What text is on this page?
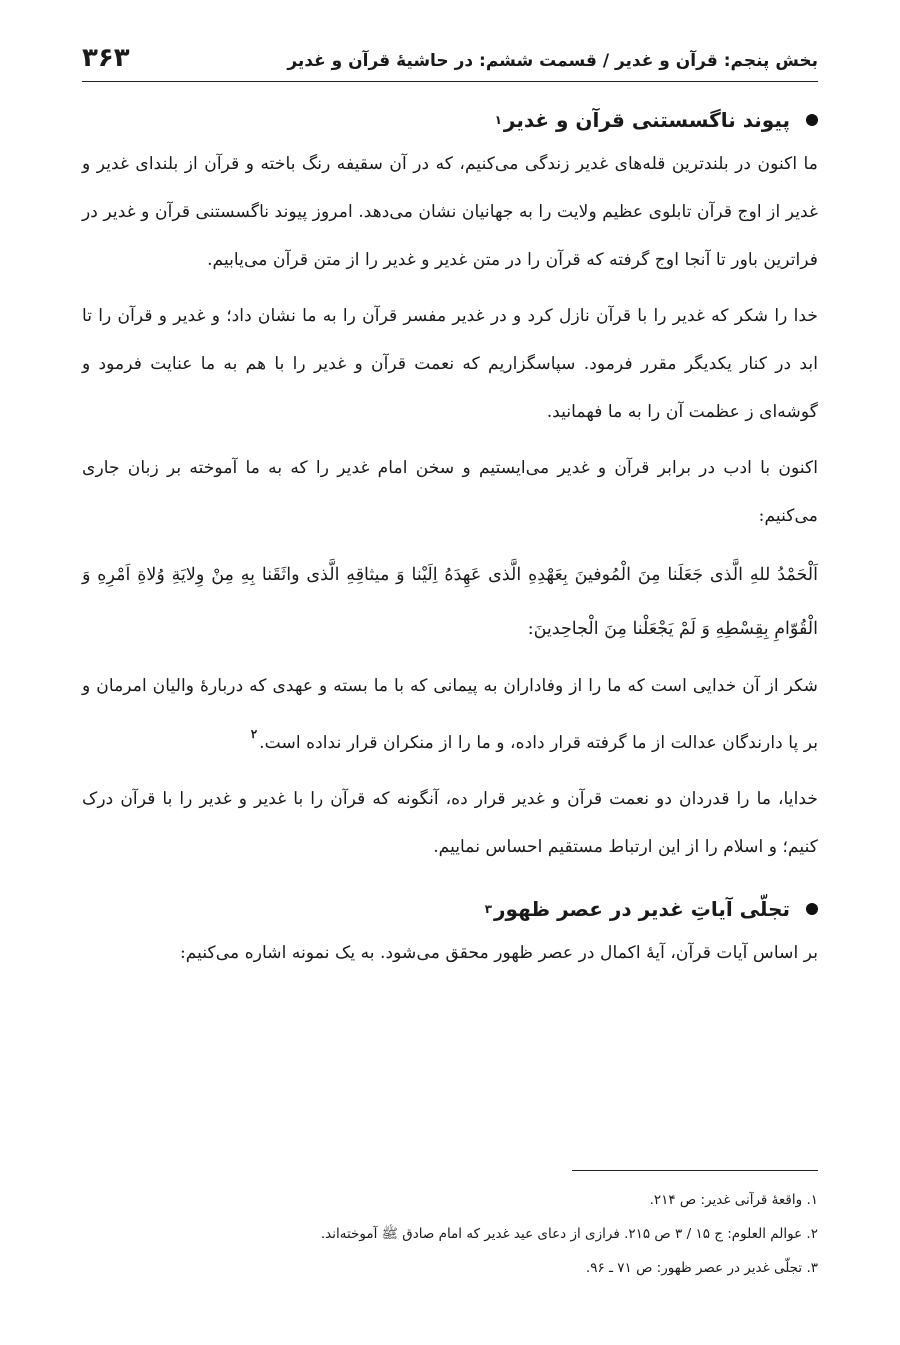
بخش پنجم: قرآن و غدیر / قسمت ششم: در حاشیهٔ قرآن و غدیر
۳۶۳
پیوند ناگسستنی قرآن و غدیر
۱

ما اکنون در بلندترین قله‌های غدیر زندگی می‌کنیم، که در آن سقیفه رنگ باخته و قرآن از بلندای غدیر و غدیر از اوج قرآن تابلوی عظیم ولایت را به جهانیان نشان می‌دهد. امروز پیوند ناگسستنی قرآن و غدیر در فراترین باور تا آنجا اوج گرفته که قرآن را در متن غدیر و غدیر را از متن قرآن می‌یابیم.

خدا را شکر که غدیر را با قرآن نازل کرد و در غدیر مفسر قرآن را به ما نشان داد؛ و غدیر و قرآن را تا ابد در کنار یکدیگر مقرر فرمود. سپاسگزاریم که نعمت قرآن و غدیر را با هم به ما عنایت فرمود و گوشه‌ای ز عظمت آن را به ما فهمانید.

اکنون با ادب در برابر قرآن و غدیر می‌ایستیم و سخن امام غدیر را که به ما آموخته بر زبان جاری می‌کنیم:

اَلْحَمْدُ للهِ الَّذی جَعَلَنا مِنَ الْمُوفینَ بِعَهْدِهِ الَّذی عَهِدَهُ اِلَیْنا وَ میثاقِهِ الَّذی واثَقَنا بِهِ مِنْ وِلایَةِ وُلاةِ اَمْرِهِ وَ الْقُوّامِ بِقِسْطِهِ وَ لَمْ یَجْعَلْنا مِنَ الْجاحِدینَ:

شکر از آن خدایی است که ما را از وفاداران به پیمانی که با ما بسته و عهدی که دربارهٔ والیان امرمان و بر پا دارندگان عدالت از ما گرفته قرار داده، و ما را از منکران قرار نداده است.$^۲$

خدایا، ما را قدردان دو نعمت قرآن و غدیر قرار ده، آنگونه که قرآن را با غدیر و غدیر را با قرآن درک کنیم؛ و اسلام را از این ارتباط مستقیم احساس نماییم.

تجلّی آیاتِ غدیر در عصر ظهور
۳

بر اساس آیات قرآن، آیهٔ اکمال در عصر ظهور محقق می‌شود. به یک نمونه اشاره می‌کنیم:

۱. واقعهٔ قرآنی غدیر: ص ۲۱۴.
۲. عوالم العلوم: ج ۱۵ / ۳ ص ۲۱۵. فرازی از دعای عید غدیر که امام صادق ﷺ آموخته‌اند.
۳. تجلّی غدیر در عصر ظهور: ص ۷۱ ـ ۹۶.
